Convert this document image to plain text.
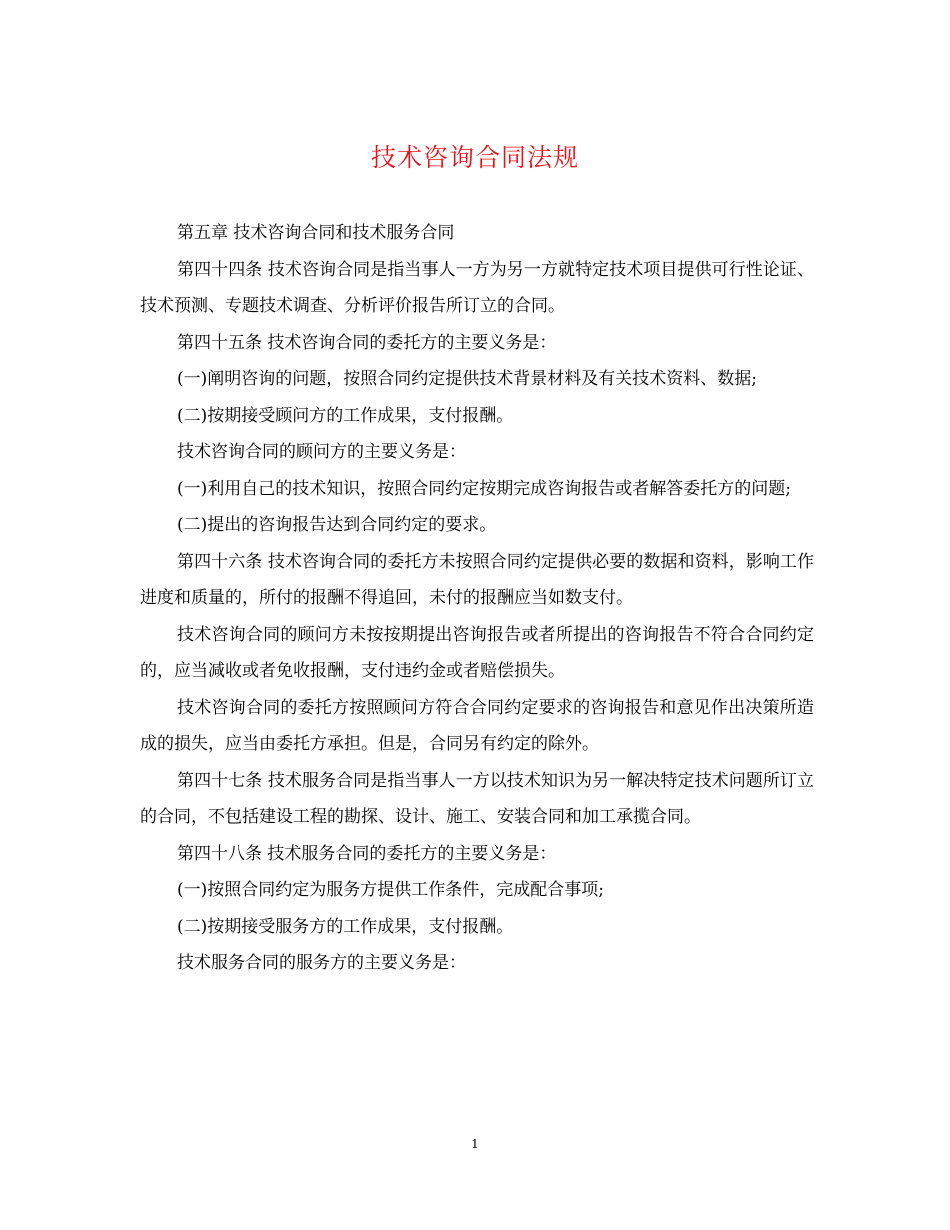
技术咨询合同法规

第五章 技术咨询合同和技术服务合同

第四十四条 技术咨询合同是指当事人一方为另一方就特定技术项目提供可行性论证、技术预测、专题技术调查、分析评价报告所订立的合同。

第四十五条 技术咨询合同的委托方的主要义务是：

(一)阐明咨询的问题，按照合同约定提供技术背景材料及有关技术资料、数据;

(二)按期接受顾问方的工作成果，支付报酬。

技术咨询合同的顾问方的主要义务是：

(一)利用自己的技术知识，按照合同约定按期完成咨询报告或者解答委托方的问题;

(二)提出的咨询报告达到合同约定的要求。

第四十六条 技术咨询合同的委托方未按照合同约定提供必要的数据和资料，影响工作进度和质量的，所付的报酬不得追回，未付的报酬应当如数支付。

技术咨询合同的顾问方未按按期提出咨询报告或者所提出的咨询报告不符合合同约定的，应当减收或者免收报酬，支付违约金或者赔偿损失。

技术咨询合同的委托方按照顾问方符合合同约定要求的咨询报告和意见作出决策所造成的损失，应当由委托方承担。但是，合同另有约定的除外。

第四十七条 技术服务合同是指当事人一方以技术知识为另一解决特定技术问题所订立的合同，不包括建设工程的勘探、设计、施工、安装合同和加工承揽合同。

第四十八条 技术服务合同的委托方的主要义务是：

(一)按照合同约定为服务方提供工作条件，完成配合事项;

(二)按期接受服务方的工作成果，支付报酬。

技术服务合同的服务方的主要义务是：

1
